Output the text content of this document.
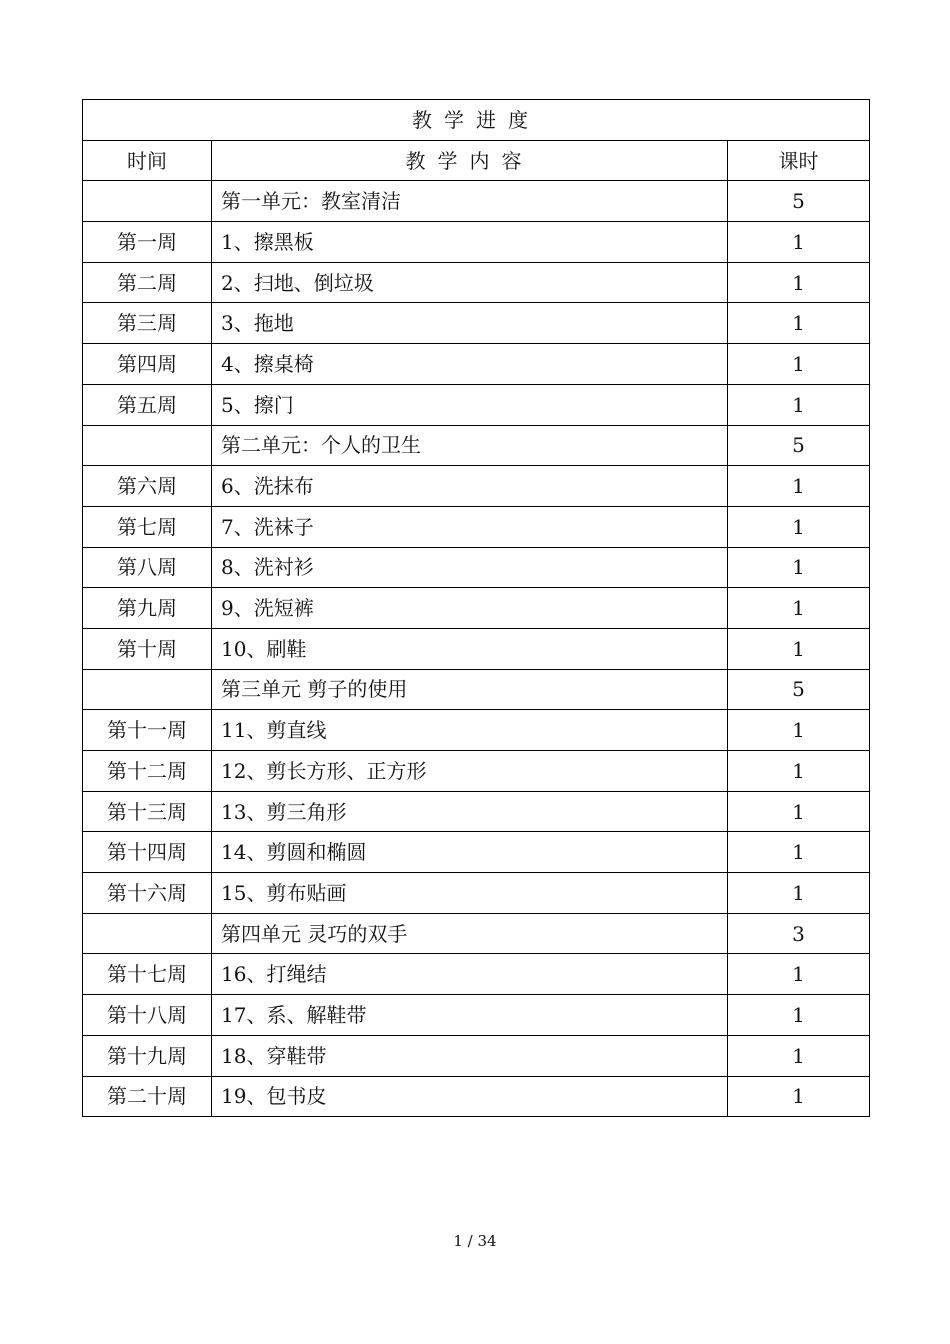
教学进度		
时间	教学内容	课时
	第一单元：教室清洁	5
第一周	1、擦黑板	1
第二周	2、扫地、倒垃圾	1
第三周	3、拖地	1
第四周	4、擦桌椅	1
第五周	5、擦门	1
	第二单元：个人的卫生	5
第六周	6、洗抹布	1
第七周	7、洗袜子	1
第八周	8、洗衬衫	1
第九周	9、洗短裤	1
第十周	10、刷鞋	1
	第三单元 剪子的使用	5
第十一周	11、剪直线	1
第十二周	12、剪长方形、正方形	1
第十三周	13、剪三角形	1
第十四周	14、剪圆和椭圆	1
第十六周	15、剪布贴画	1
	第四单元 灵巧的双手	3
第十七周	16、打绳结	1
第十八周	17、系、解鞋带	1
第十九周	18、穿鞋带	1
第二十周	19、包书皮	1
1 / 34
